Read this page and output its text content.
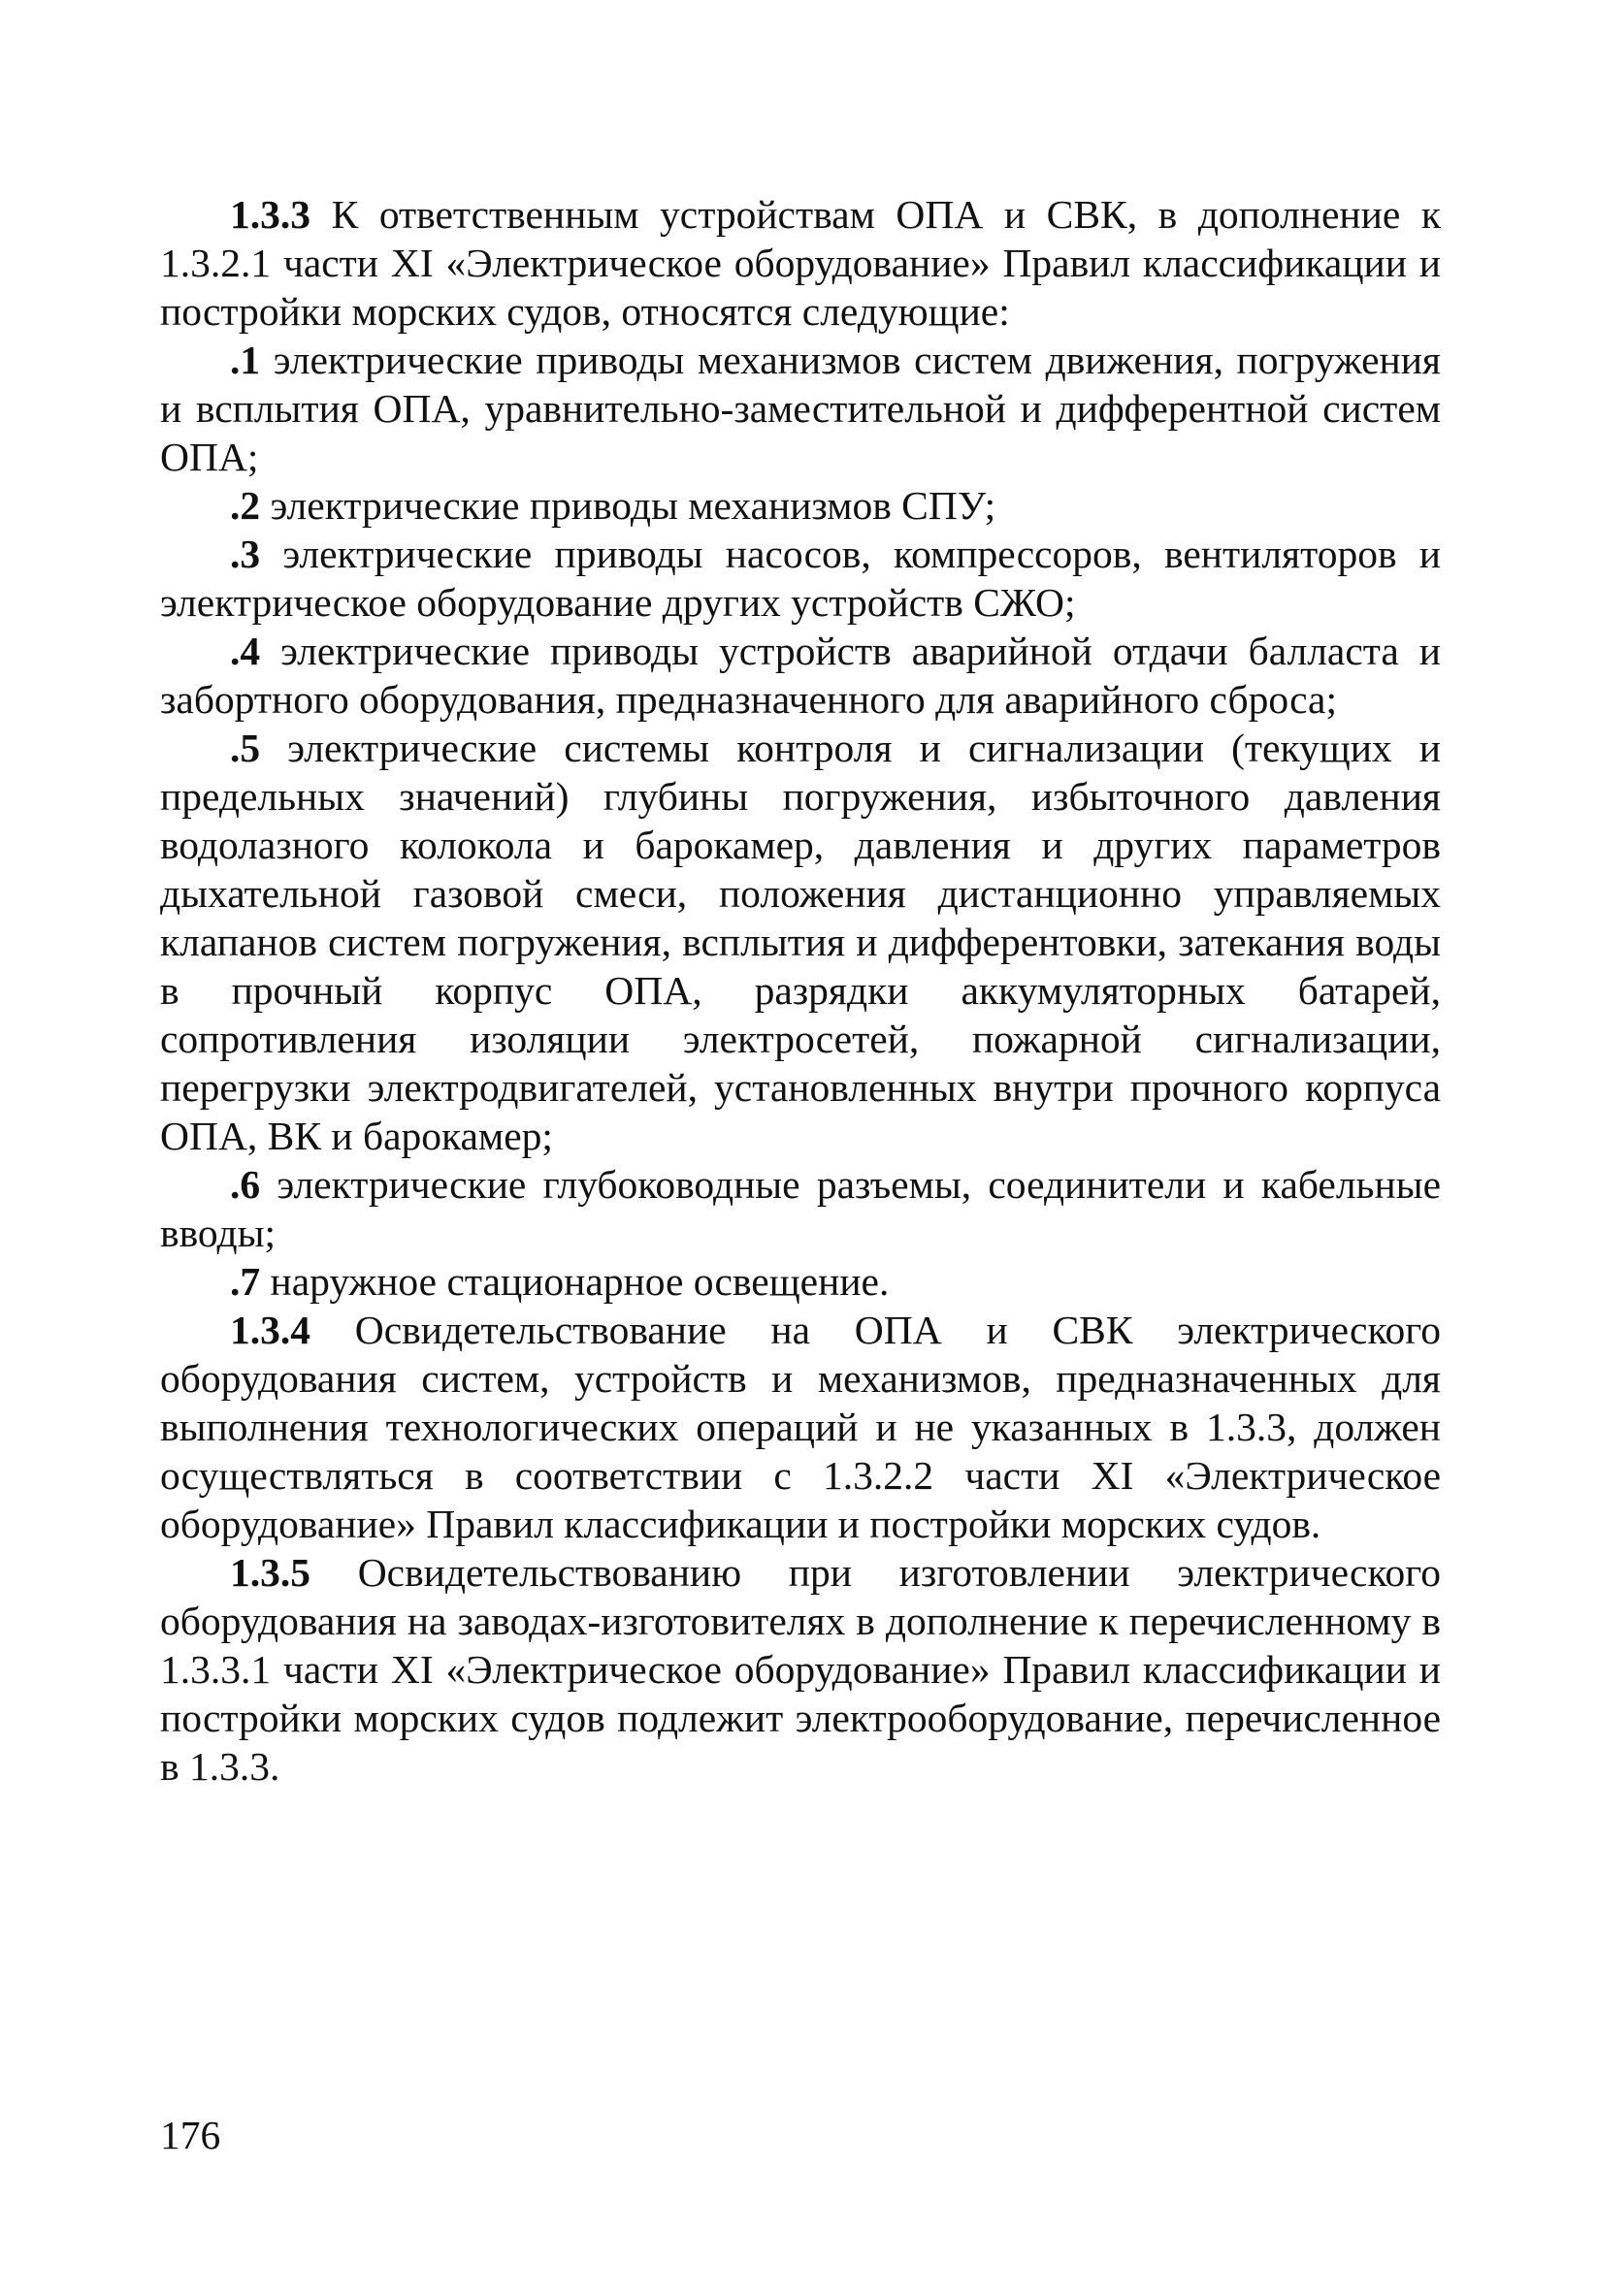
1.3.3 К ответственным устройствам ОПА и СВК, в дополнение к 1.3.2.1 части XI «Электрическое оборудование» Правил классификации и постройки морских судов, относятся следующие:

.1 электрические приводы механизмов систем движения, погружения и всплытия ОПА, уравнительно-заместительной и дифферентной систем ОПА;

.2 электрические приводы механизмов СПУ;

.3 электрические приводы насосов, компрессоров, вентиляторов и электрическое оборудование других устройств СЖО;

.4 электрические приводы устройств аварийной отдачи балласта и забортного оборудования, предназначенного для аварийного сброса;

.5 электрические системы контроля и сигнализации (текущих и предельных значений) глубины погружения, избыточного давления водолазного колокола и барокамер, давления и других параметров дыхательной газовой смеси, положения дистанционно управляемых клапанов систем погружения, всплытия и дифферентовки, затекания воды в прочный корпус ОПА, разрядки аккумуляторных батарей, сопротивления изоляции электросетей, пожарной сигнализации, перегрузки электродвигателей, установленных внутри прочного корпуса ОПА, ВК и барокамер;

.6 электрические глубоководные разъемы, соединители и кабельные вводы;

.7 наружное стационарное освещение.

1.3.4 Освидетельствование на ОПА и СВК электрического оборудования систем, устройств и механизмов, предназначенных для выполнения технологических операций и не указанных в 1.3.3, должен осуществляться в соответствии с 1.3.2.2 части XI «Электрическое оборудование» Правил классификации и постройки морских судов.

1.3.5 Освидетельствованию при изготовлении электрического оборудования на заводах-изготовителях в дополнение к перечисленному в 1.3.3.1 части XI «Электрическое оборудование» Правил классификации и постройки морских судов подлежит электрооборудование, перечисленное в 1.3.3.

176
